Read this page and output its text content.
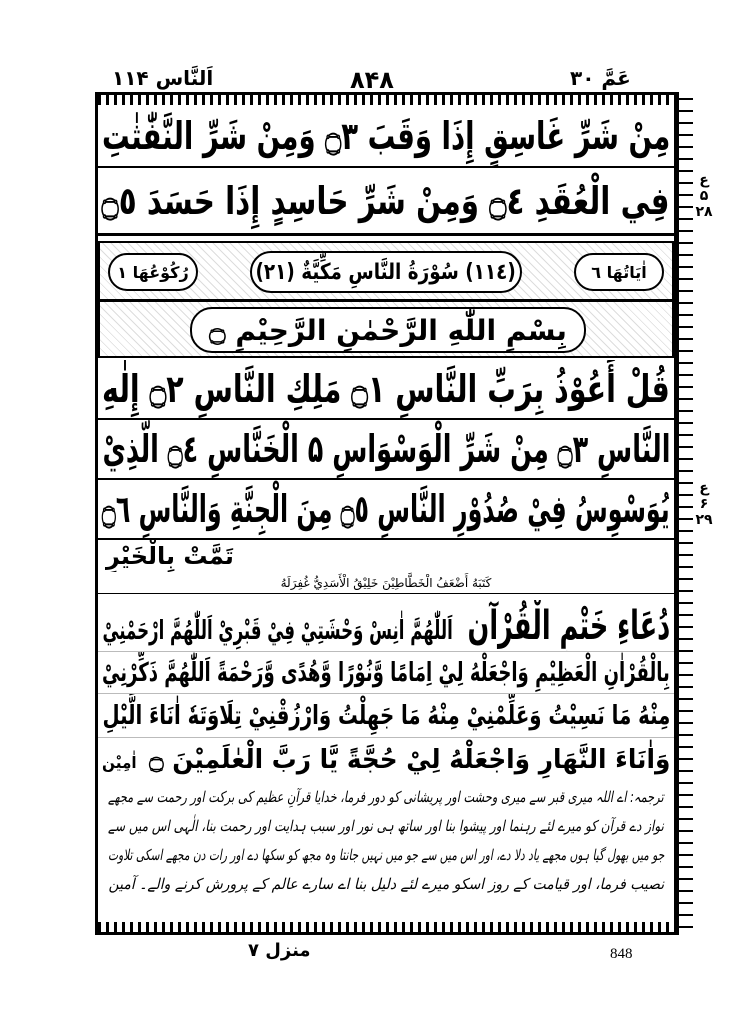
اَلنَّاس ۱۱۴	۸۴۸	عَمَّ ۳۰
ع
۵
۲۸
ع
۶
۲۹
مِنْ شَرِّ غَاسِقٍ إِذَا وَقَبَ ۝٣ وَمِنْ شَرِّ النَّفّٰثٰتِ
فِي الْعُقَدِ ۝٤ وَمِنْ شَرِّ حَاسِدٍ إِذَا حَسَدَ ۝٥
اٰيَاتُهَا ٦
(١١٤) سُوْرَةُ النَّاسِ مَكِّيَّةٌ (٢١)
رُكُوْعُهَا ١
بِسْمِ اللّٰهِ الرَّحْمٰنِ الرَّحِيْمِ ۝
قُلْ أَعُوْذُ بِرَبِّ النَّاسِ ۝١ مَلِكِ النَّاسِ ۝٢ إِلٰهِ
النَّاسِ ۝٣ مِنْ شَرِّ الْوَسْوَاسِ ۵ الْخَنَّاسِ ۝٤ الَّذِيْ
يُوَسْوِسُ فِيْ صُدُوْرِ النَّاسِ ۝٥ مِنَ الْجِنَّةِ وَالنَّاسِ ۝٦
تَمَّتْ بِالْخَيْرِ
كَتَبَهُ أَضْعَفُ الْخَطَّاطِيْنَ خَلِيْقُ الْأَسَدِيُّ غُفِرَلَهُ
دُعَاءِ خَتْمِ الْقُرْآن اَللّٰهُمَّ اٰنِسْ وَحْشَتِيْ فِيْ قَبْرِيْ اَللّٰهُمَّ ارْحَمْنِيْ
بِالْقُرْاٰنِ الْعَظِيْمِ وَاجْعَلْهُ لِيْ اِمَامًا وَّنُوْرًا وَّهُدًى وَّرَحْمَةً اَللّٰهُمَّ ذَكِّرْنِيْ
مِنْهُ مَا نَسِيْتُ وَعَلِّمْنِيْ مِنْهُ مَا جَهِلْتُ وَارْزُقْنِيْ تِلَاوَتَهٗ اٰنَاءَ الَّيْلِ
وَاٰنَاءَ النَّهَارِ وَاجْعَلْهُ لِيْ حُجَّةً يَّا رَبَّ الْعٰلَمِيْنَ ۝ اٰمِيْن
ترجمہ: اے اللہ میری قبر سے میری وحشت اور پریشانی کو دور فرما، خدایا قرآنِ عظیم کی برکت اور رحمت سے مجھے
نواز دے قرآن کو میرے لئے رہنما اور پیشوا بنا اور ساتھ ہی نور اور سبب ہدایت اور رحمت بنا، الٰہی اس میں سے
جو میں بھول گیا ہوں مجھے یاد دلا دے، اور اس میں سے جو میں نہیں جانتا وہ مجھ کو سکھا دے اور رات دن مجھے اسکی تلاوت
نصیب فرما، اور قیامت کے روز اسکو میرے لئے دلیل بنا اے سارے عالم کے پرورش کرنے والے۔ آمین
منزل ۷	848
